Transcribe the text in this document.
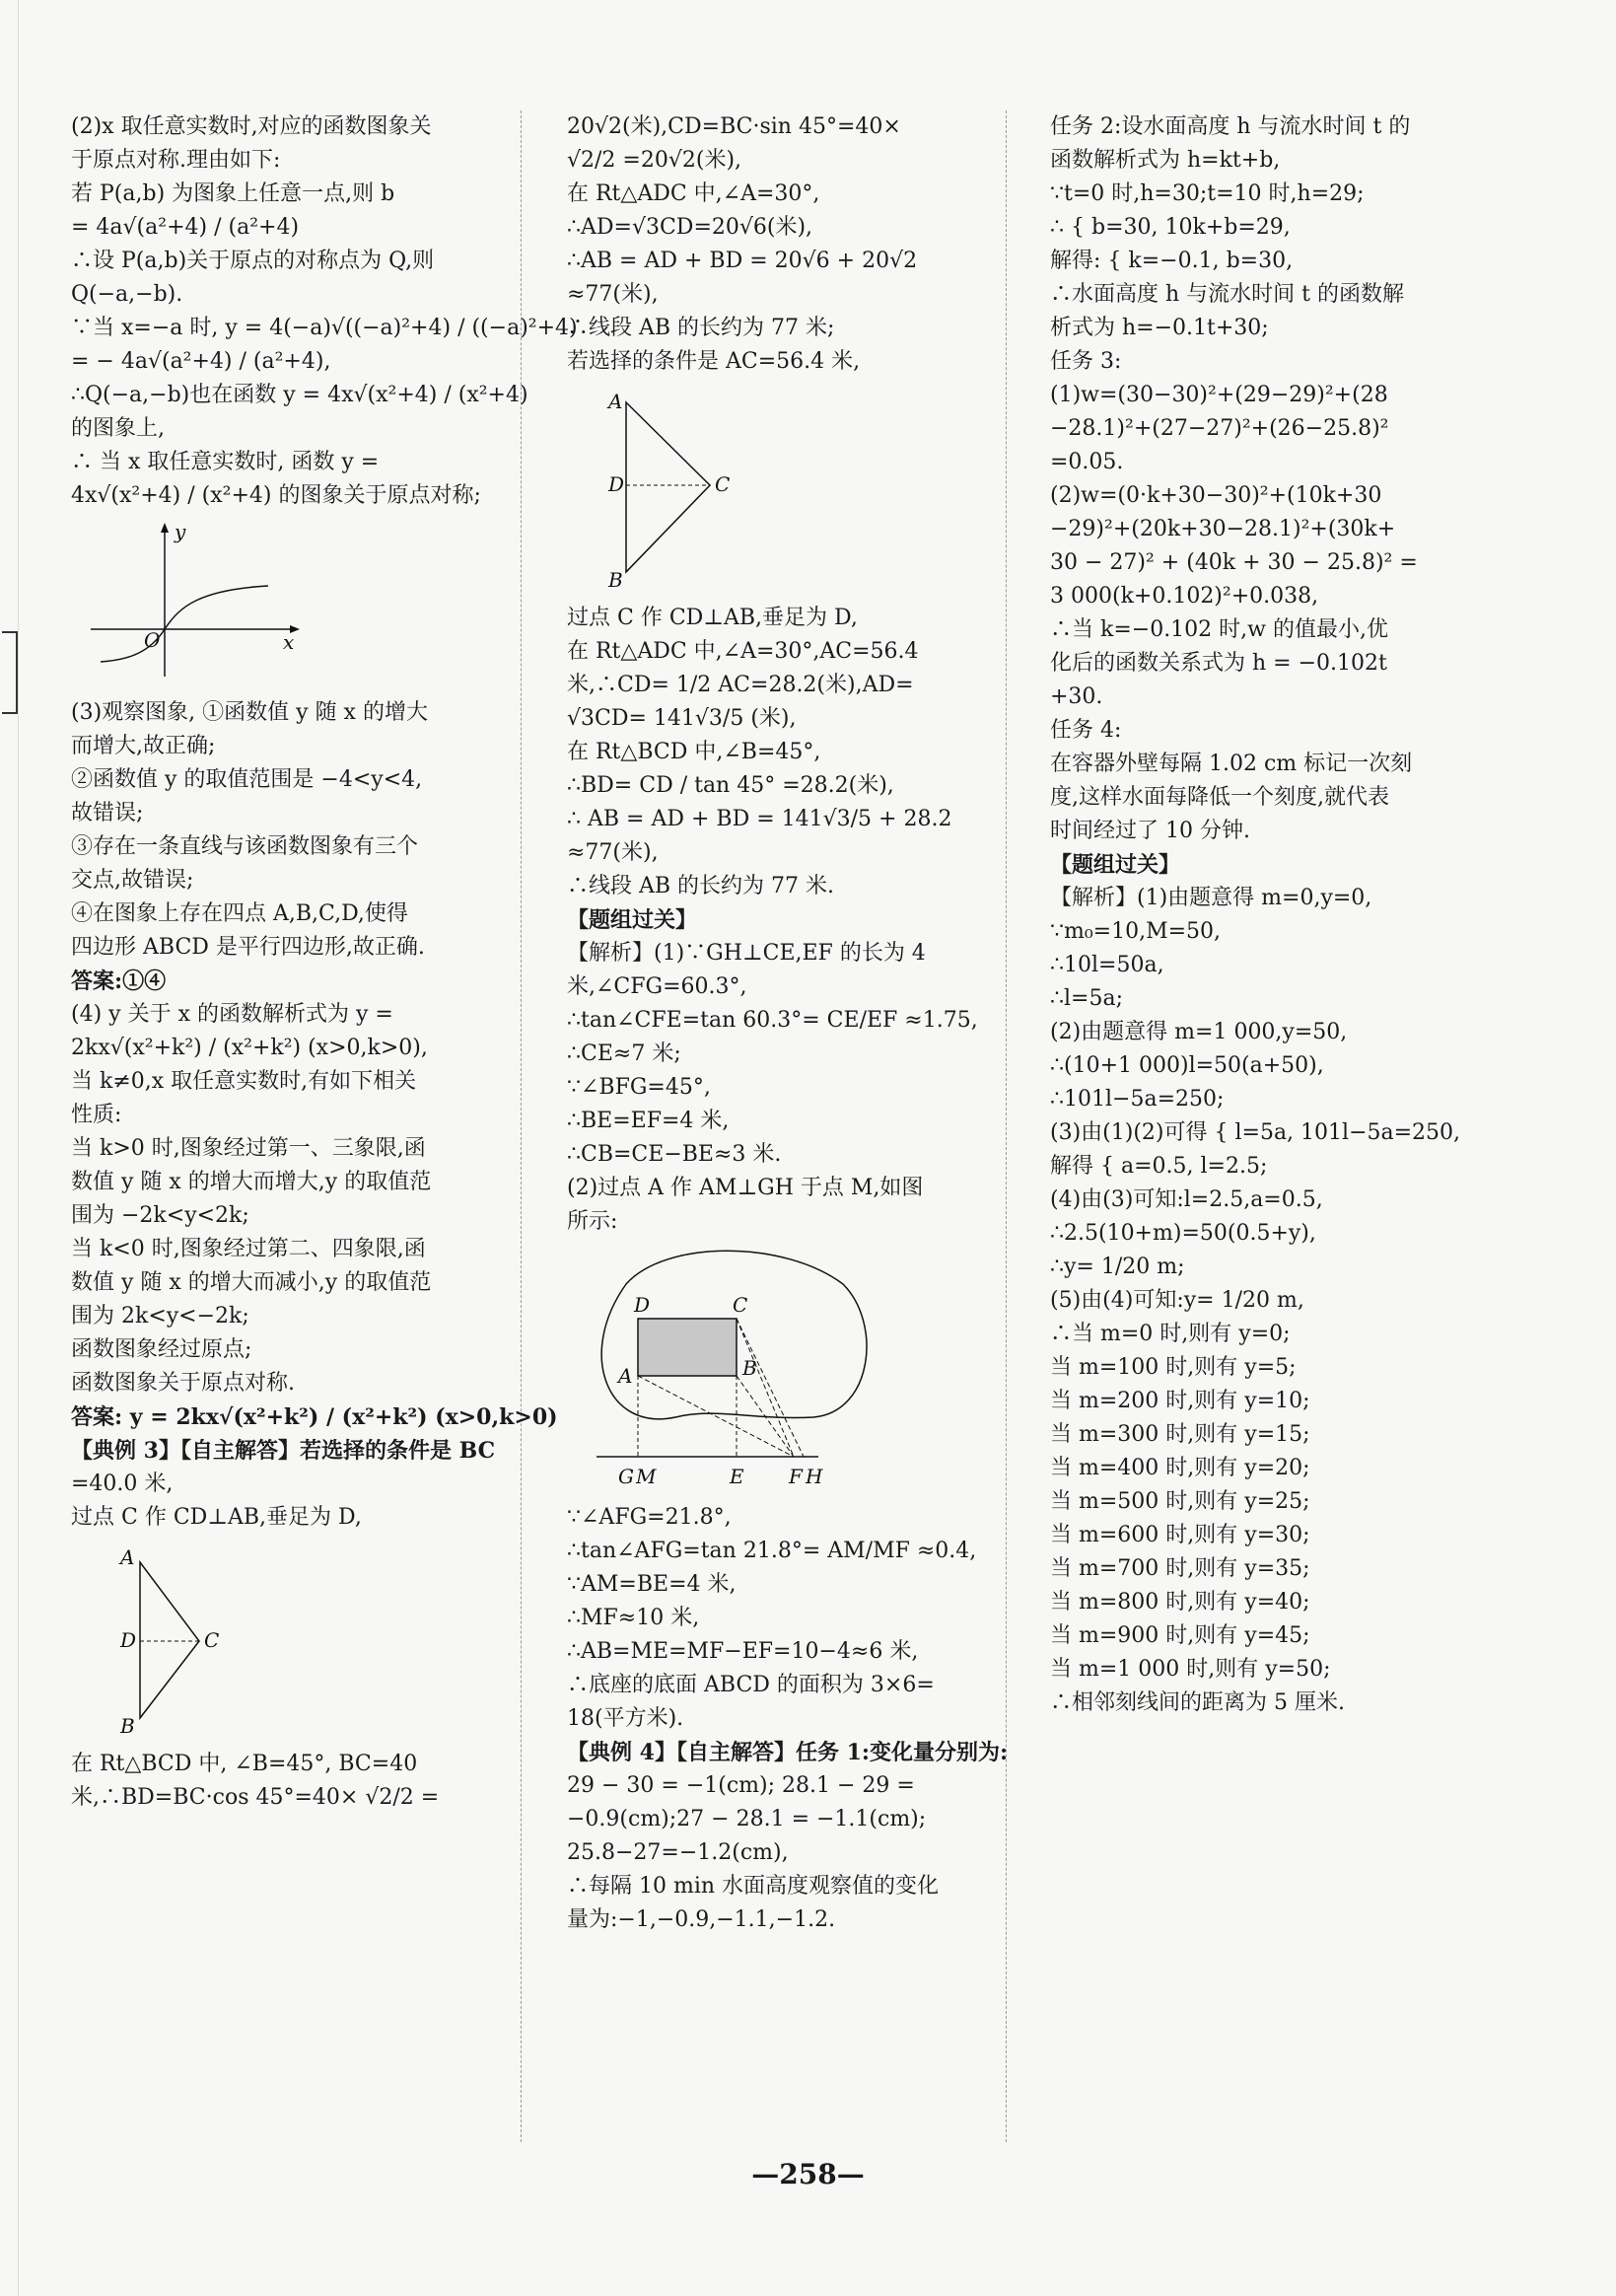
(2)x 取任意实数时,对应的函数图象关

于原点对称.理由如下:

若 P(a,b) 为图象上任意一点,则 b

= 4a√(a²+4) / (a²+4)

∴设 P(a,b)关于原点的对称点为 Q,则

Q(−a,−b).

∵当 x=−a 时, y = 4(−a)√((−a)²+4) / ((−a)²+4)

= − 4a√(a²+4) / (a²+4),

∴Q(−a,−b)也在函数 y = 4x√(x²+4) / (x²+4)

的图象上,

∴ 当 x 取任意实数时, 函数 y =

4x√(x²+4) / (x²+4) 的图象关于原点对称;

y
x
O

(3)观察图象, ①函数值 y 随 x 的增大

而增大,故正确;

②函数值 y 的取值范围是 −4<y<4,

故错误;

③存在一条直线与该函数图象有三个

交点,故错误;

④在图象上存在四点 A,B,C,D,使得

四边形 ABCD 是平行四边形,故正确.

答案:①④

(4) y 关于 x 的函数解析式为 y =

2kx√(x²+k²) / (x²+k²) (x>0,k>0),

当 k≠0,x 取任意实数时,有如下相关

性质:

当 k>0 时,图象经过第一、三象限,函

数值 y 随 x 的增大而增大,y 的取值范

围为 −2k<y<2k;

当 k<0 时,图象经过第二、四象限,函

数值 y 随 x 的增大而减小,y 的取值范

围为 2k<y<−2k;

函数图象经过原点;

函数图象关于原点对称.

答案: y = 2kx√(x²+k²) / (x²+k²) (x>0,k>0)

【典例 3】【自主解答】若选择的条件是 BC

=40.0 米,

过点 C 作 CD⊥AB,垂足为 D,

A
D	C
B

在 Rt△BCD 中, ∠B=45°, BC=40

米,∴BD=BC·cos 45°=40× √2/2 =

20√2(米),CD=BC·sin 45°=40×

√2/2 =20√2(米),

在 Rt△ADC 中,∠A=30°,

∴AD=√3CD=20√6(米),

∴AB = AD + BD = 20√6 + 20√2

≈77(米),

∴线段 AB 的长约为 77 米;

若选择的条件是 AC=56.4 米,

A
D	C
B

过点 C 作 CD⊥AB,垂足为 D,

在 Rt△ADC 中,∠A=30°,AC=56.4

米,∴CD= 1/2 AC=28.2(米),AD=

√3CD= 141√3/5 (米),

在 Rt△BCD 中,∠B=45°,

∴BD= CD / tan 45° =28.2(米),

∴ AB = AD + BD = 141√3/5 + 28.2

≈77(米),

∴线段 AB 的长约为 77 米.

【题组过关】

【解析】(1)∵GH⊥CE,EF 的长为 4

米,∠CFG=60.3°,

∴tan∠CFE=tan 60.3°= CE/EF ≈1.75,

∴CE≈7 米;

∵∠BFG=45°,

∴BE=EF=4 米,

∴CB=CE−BE≈3 米.

(2)过点 A 作 AM⊥GH 于点 M,如图

所示:

D	C
A	B
G M	E F H

∵∠AFG=21.8°,

∴tan∠AFG=tan 21.8°= AM/MF ≈0.4,

∵AM=BE=4 米,

∴MF≈10 米,

∴AB=ME=MF−EF=10−4≈6 米,

∴底座的底面 ABCD 的面积为 3×6=

18(平方米).

【典例 4】【自主解答】任务 1:变化量分别为:

29 − 30 = −1(cm); 28.1 − 29 =

−0.9(cm);27 − 28.1 = −1.1(cm);

25.8−27=−1.2(cm),

∴每隔 10 min 水面高度观察值的变化

量为:−1,−0.9,−1.1,−1.2.

任务 2:设水面高度 h 与流水时间 t 的

函数解析式为 h=kt+b,

∵t=0 时,h=30;t=10 时,h=29;

∴ { b=30, 10k+b=29,

解得: { k=−0.1, b=30,

∴水面高度 h 与流水时间 t 的函数解

析式为 h=−0.1t+30;

任务 3:

(1)w=(30−30)²+(29−29)²+(28

−28.1)²+(27−27)²+(26−25.8)²

=0.05.

(2)w=(0·k+30−30)²+(10k+30

−29)²+(20k+30−28.1)²+(30k+

30 − 27)² + (40k + 30 − 25.8)² =

3 000(k+0.102)²+0.038,

∴当 k=−0.102 时,w 的值最小,优

化后的函数关系式为 h = −0.102t

+30.

任务 4:

在容器外壁每隔 1.02 cm 标记一次刻

度,这样水面每降低一个刻度,就代表

时间经过了 10 分钟.

【题组过关】

【解析】(1)由题意得 m=0,y=0,

∵m₀=10,M=50,

∴10l=50a,

∴l=5a;

(2)由题意得 m=1 000,y=50,

∴(10+1 000)l=50(a+50),

∴101l−5a=250;

(3)由(1)(2)可得 { l=5a, 101l−5a=250,

解得 { a=0.5, l=2.5;

(4)由(3)可知:l=2.5,a=0.5,

∴2.5(10+m)=50(0.5+y),

∴y= 1/20 m;

(5)由(4)可知:y= 1/20 m,

∴当 m=0 时,则有 y=0;

当 m=100 时,则有 y=5;

当 m=200 时,则有 y=10;

当 m=300 时,则有 y=15;

当 m=400 时,则有 y=20;

当 m=500 时,则有 y=25;

当 m=600 时,则有 y=30;

当 m=700 时,则有 y=35;

当 m=800 时,则有 y=40;

当 m=900 时,则有 y=45;

当 m=1 000 时,则有 y=50;

∴相邻刻线间的距离为 5 厘米.

—258—
